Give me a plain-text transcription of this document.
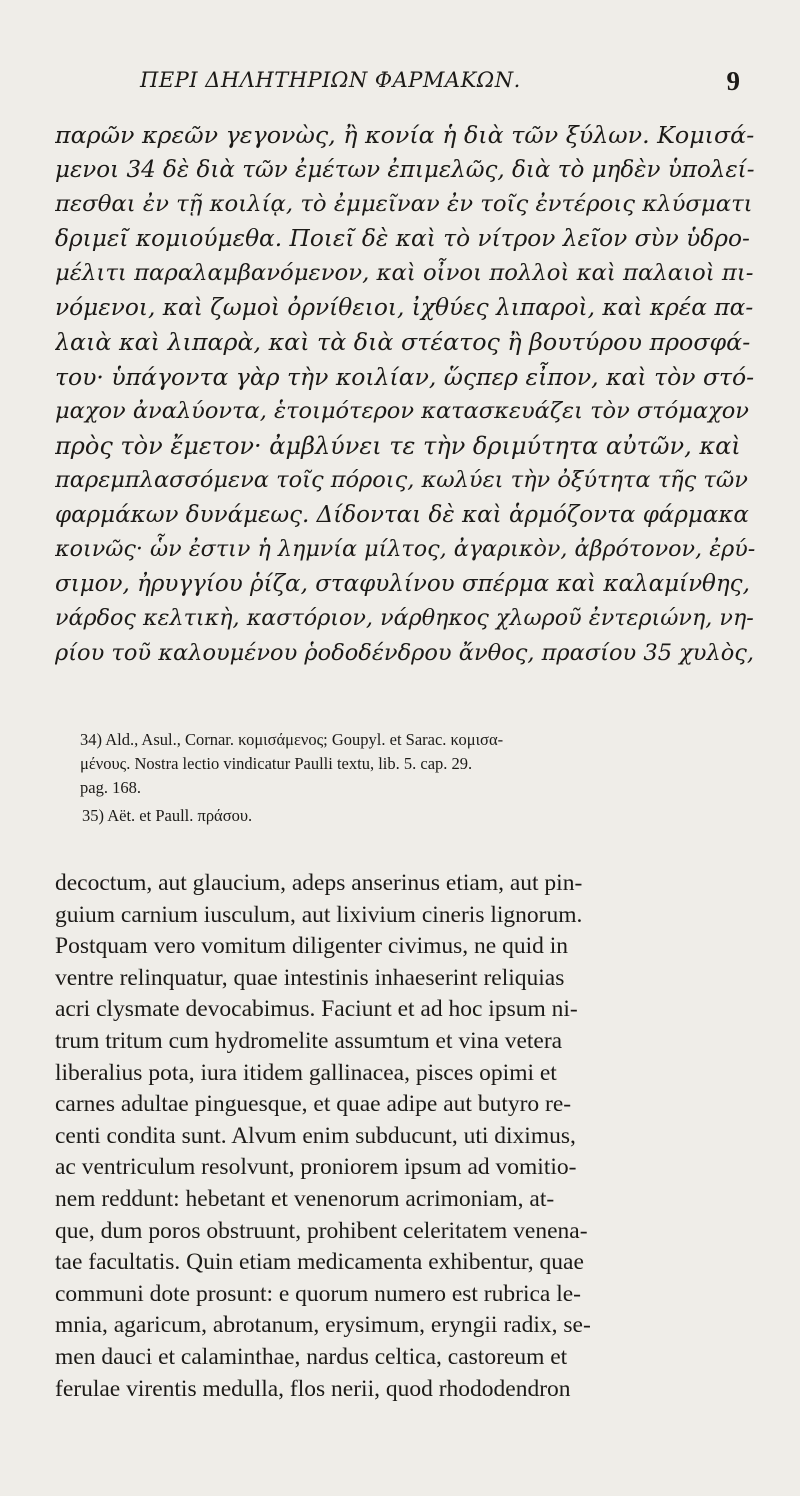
ΠΕΡΙ ΔΗΛΗΤΗΡΙΩΝ ΦΑΡΜΑΚΩΝ.	9
παρῶν κρεῶν γεγονὼς, ἢ κονία ἡ διὰ τῶν ξύλων. Κομισά-
μενοι 34 δὲ διὰ τῶν ἐμέτων ἐπιμελῶς, διὰ τὸ μηδὲν ὑπολεί-
πεσθαι ἐν τῇ κοιλίᾳ, τὸ ἐμμεῖναν ἐν τοῖς ἐντέροις κλύσματι
δριμεῖ κομιούμεθα. Ποιεῖ δὲ καὶ τὸ νίτρον λεῖον σὺν ὑδρο-
μέλιτι παραλαμβανόμενον, καὶ οἶνοι πολλοὶ καὶ παλαιοὶ πι-
νόμενοι, καὶ ζωμοὶ ὀρνίθειοι, ἰχθύες λιπαροὶ, καὶ κρέα πα-
λαιὰ καὶ λιπαρὰ, καὶ τὰ διὰ στέατος ἢ βουτύρου προσφά-
του· ὑπάγοντα γὰρ τὴν κοιλίαν, ὥςπερ εἶπον, καὶ τὸν στό-
μαχον ἀναλύοντα, ἑτοιμότερον κατασκευάζει τὸν στόμαχον
πρὸς τὸν ἔμετον· ἀμβλύνει τε τὴν δριμύτητα αὐτῶν, καὶ
παρεμπλασσόμενα τοῖς πόροις, κωλύει τὴν ὀξύτητα τῆς τῶν
φαρμάκων δυνάμεως. Δίδονται δὲ καὶ ἁρμόζοντα φάρμακα
κοινῶς· ὧν ἐστιν ἡ λημνία μίλτος, ἀγαρικὸν, ἀβρότονον, ἐρύ-
σιμον, ἠρυγγίου ῥίζα, σταφυλίνου σπέρμα καὶ καλαμίνθης,
νάρδος κελτικὴ, καστόριον, νάρθηκος χλωροῦ ἐντεριώνη, νη-
ρίου τοῦ καλουμένου ῥοδοδένδρου ἄνθος, πρασίου 35 χυλὸς,
34) Ald., Asul., Cornar. κομισάμενος; Goupyl. et Sarac. κομισα-
μένους. Nostra lectio vindicatur Paulli textu, lib. 5. cap. 29.
pag. 168.
35) Aët. et Paull. πράσου.
decoctum, aut glaucium, adeps anserinus etiam, aut pin-
guium carnium iusculum, aut lixivium cineris lignorum.
Postquam vero vomitum diligenter civimus, ne quid in
ventre relinquatur, quae intestinis inhaeserint reliquias
acri clysmate devocabimus. Faciunt et ad hoc ipsum ni-
trum tritum cum hydromelite assumtum et vina vetera
liberalius pota, iura itidem gallinacea, pisces opimi et
carnes adultae pinguesque, et quae adipe aut butyro re-
centi condita sunt. Alvum enim subducunt, uti diximus,
ac ventriculum resolvunt, proniorem ipsum ad vomitio-
nem reddunt: hebetant et venenorum acrimoniam, at-
que, dum poros obstruunt, prohibent celeritatem venena-
tae facultatis. Quin etiam medicamenta exhibentur, quae
communi dote prosunt: e quorum numero est rubrica le-
mnia, agaricum, abrotanum, erysimum, eryngii radix, se-
men dauci et calaminthae, nardus celtica, castoreum et
ferulae virentis medulla, flos nerii, quod rhododendron
